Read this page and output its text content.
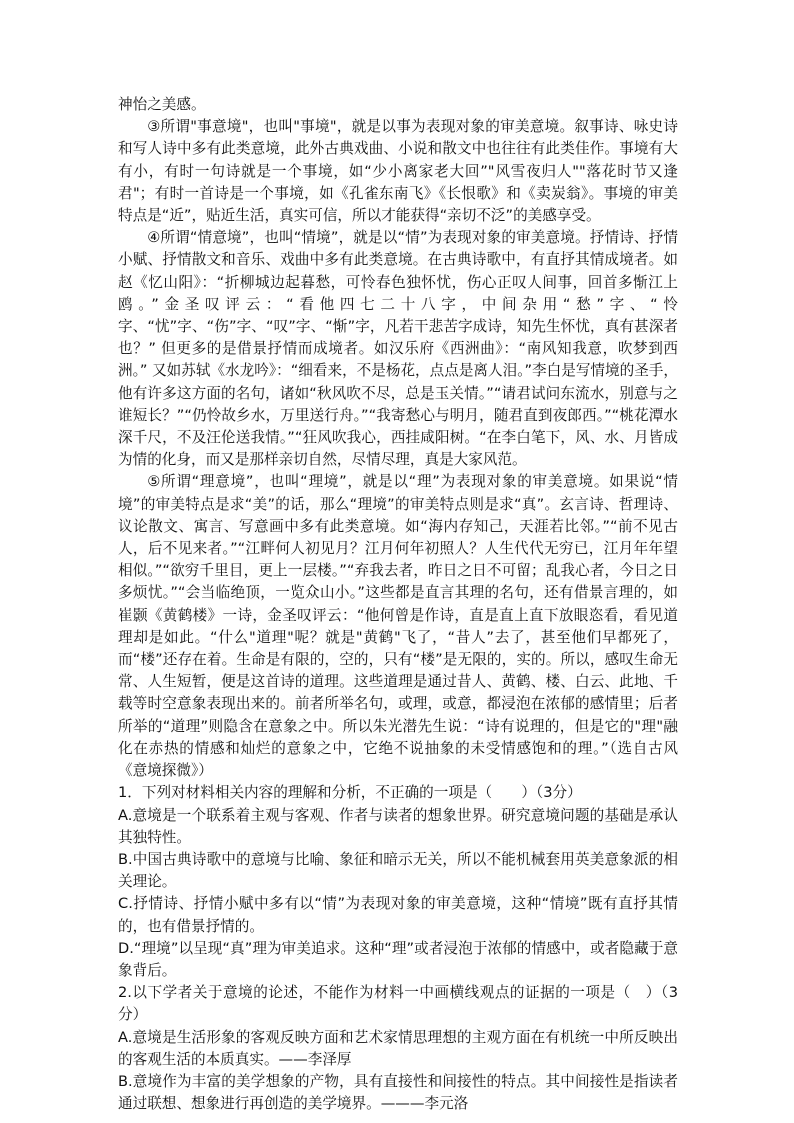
神怡之美感。

③所谓"事意境"，也叫"事境"，就是以事为表现对象的审美意境。叙事诗、咏史诗和写人诗中多有此类意境，此外古典戏曲、小说和散文中也往往有此类佳作。事境有大有小，有时一句诗就是一个事境，如“少小离家老大回”"风雪夜归人""落花时节又逢君"；有时一首诗是一个事境，如《孔雀东南飞》《长恨歌》和《卖炭翁》。事境的审美特点是“近”，贴近生活，真实可信，所以才能获得“亲切不泛”的美感享受。

④所谓“情意境”，也叫“情境”，就是以“情”为表现对象的审美意境。抒情诗、抒情小赋、抒情散文和音乐、戏曲中多有此类意境。在古典诗歌中，有直抒其情成境者。如赵《忆山阳》：“折柳城边起暮愁，可怜春色独怀忧，伤心正叹人间事，回首多惭江上鸥。”金圣叹评云：“看他四七二十八字，中间杂用“愁”字、“怜字、“忧”字、“伤”字、“叹”字、“惭”字，凡若干悲苦字成诗，知先生怀忧，真有甚深者也？” 但更多的是借景抒情而成境者。如汉乐府《西洲曲》：“南风知我意，吹梦到西洲。” 又如苏轼《水龙吟》：“细看来，不是杨花，点点是离人泪。”李白是写情境的圣手，他有许多这方面的名句，诸如“秋风吹不尽，总是玉关情。”“请君试问东流水，别意与之谁短长？”“仍怜故乡水，万里送行舟。”“我寄愁心与明月，随君直到夜郎西。”“桃花潭水深千尺，不及汪伦送我情。”“狂风吹我心，西挂咸阳树。“在李白笔下，风、水、月皆成为情的化身，而又是那样亲切自然，尽情尽理，真是大家风范。

⑤所谓“理意境”，也叫“理境”，就是以“理”为表现对象的审美意境。如果说“情境”的审美特点是求“美”的话，那么“理境”的审美特点则是求“真”。玄言诗、哲理诗、议论散文、寓言、写意画中多有此类意境。如“海内存知己，天涯若比邻。”“前不见古人，后不见来者。”“江畔何人初见月？江月何年初照人？人生代代无穷已，江月年年望相似。”“欲穷千里目，更上一层楼。”“弃我去者，昨日之日不可留；乱我心者，今日之日多烦忧。”“会当临绝顶，一览众山小。”这些都是直言其理的名句，还有借景言理的，如崔颢《黄鹤楼》一诗，金圣叹评云：“他何曾是作诗，直是直上直下放眼恣看，看见道理却是如此。“什么"道理"呢？就是"黄鹤"飞了，“昔人”去了，甚至他们早都死了，而“楼”还存在着。生命是有限的，空的，只有“楼”是无限的，实的。所以，感叹生命无常、人生短暂，便是这首诗的道理。这些道理是通过昔人、黄鹤、楼、白云、此地、千载等时空意象表现出来的。前者所举名句，或理，或意，都浸泡在浓郁的感情里；后者所举的“道理”则隐含在意象之中。所以朱光潜先生说：“诗有说理的，但是它的"理"融化在赤热的情感和灿烂的意象之中，它绝不说抽象的未受情感饱和的理。”（选自古风《意境探微》）

1．下列对材料相关内容的理解和分析，不正确的一项是（　　）（3分）

A.意境是一个联系着主观与客观、作者与读者的想象世界。研究意境问题的基础是承认其独特性。

B.中国古典诗歌中的意境与比喻、象征和暗示无关，所以不能机械套用英美意象派的相关理论。

C.抒情诗、抒情小赋中多有以“情”为表现对象的审美意境，这种“情境”既有直抒其情的，也有借景抒情的。

D.“理境”以呈现“真”理为审美追求。这种“理”或者浸泡于浓郁的情感中，或者隐藏于意象背后。

2.以下学者关于意境的论述，不能作为材料一中画横线观点的证据的一项是（　）（3分）

A.意境是生活形象的客观反映方面和艺术家情思理想的主观方面在有机统一中所反映出的客观生活的本质真实。——李泽厚

B.意境作为丰富的美学想象的产物，具有直接性和间接性的特点。其中间接性是指读者通过联想、想象进行再创造的美学境界。———李元洛
